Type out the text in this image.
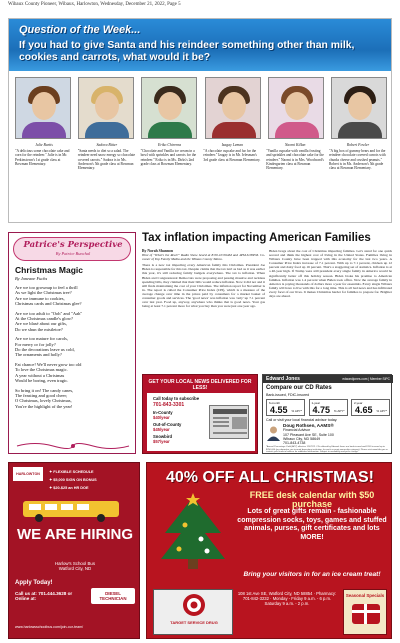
Wibaux County Pioneer, Wibaux, Harlowton, Wednesday, December 21, 2022, Page 5
Question of the Week...
If you had to give Santa and his reindeer something other than milk, cookies and carrots, what would it be?
Julie Bartis
"A delicious some chocolate cake and corn for the reindeer." Julie is in Mr. Perkinstown's 1st grade class at Bowman Elementary.
Sadora Bitter
"Santa needs to diet so a salad. The reindeer need snow energy so chocolate covered carrots." Sadora is in Ms. Anderson's 5th grade class at Bowman Elementary.
Eriko Chirrena
"Chocolate and Vanilla ice cream in a bowl with sprinkles and carrots for the reindeer." Eriko is in Ms. Dirks's 2nd grade class at Bowman Elementary.
Izagay Leman
"A chocolate cupcake and fur for the reindeer." Izagay is in Mr. Ivlesman's 3rd grade class at Bowman Elementary.
Naomi Killan
"Vanilla cupcake with vanilla frosting and sprinkles and chocolate cake for the reindeer." Naomi is in Mrs. Woodward's Kindergarten class at Bowman Elementary.
Robert Fowler
"A big box of gummy bears and for the reindeer chocolate covered carrots with chunks cheese and crushed peanuts." Robert is in Ms. Anderson's 5th grade class at Bowman Elementary.
Patrice's Perspective
By Patrice Bunchal
Christmas Magic
By Janeane Fuchs

Are we too grownup to feel a thrill
As we light the Christmas tree?
Are we immune to cookies,
Christmas cards and Christmas glee?

Are we too adult to "Ooh" and "Aah"
At the Christmas candle's glow?
Are we blasé about our gifts,
Do we shun the mistletoe?

Are we too mature for carols,
For merry or for jolly?
Do the decorations leave us cold,
The ornaments and holly?

Fat chance! We'll never grow too old
To love the Christmas magic.
A year without a Christmas
Would be boring, even tragic.

So bring it on! The candy canes,
The feasting and good cheer;
O Christmas, lovely Christmas,
You're the highlight of the year!

Tax inflation impacting American Families
By Norah Shannon
Host of "What's the Real?" Radio Show heard at 8:00-10:00AM and 4PM-6:00PM. Co-owner of Top Family Media and the Wibaux County Tattoo.
There is a new tax impacting every American family this Christmas. President Joe Biden is responsible for this tax. Despite claims that the tax isn't as bad as it was earlier this year, it's still reducing family budgets everywhere. The tax is inflation. When Biden and Congressional Democrats were proposing and passing massive and reckless spending bills, they claimed that their bills would reduce inflation. Now it did not and it still finds maintaining the cost of your Christmas. The inflation report for November is in. The report is called the Consumer Price Index (CPI), which is a measure of the average change over time in the prices paid by consumers for a market basket of consumer goods and services. The 'good news' was inflation was 'only' up 7.1 percent over last year. Food up, anyway, anywhere who thinks that is good news. Your gas being at least 7.1 percent more for what you buy than you were just one year ago.
Biden brags about the cost of Christmas impacting families. Let's stand for one quick second and think the highest cost of living in the United States. Families living in Wibaux County have been trapped with this economy for the last two years. A Consumer Price Index increase of 7.1 percent. With up to 7.1 percent, chicken up 12 percent and dairy food up 16 percent. That's a staggering set of statistics. Inflation is at a 40-year high. If Trump were still president every single family in America would be significantly better off this holiday season. Biden broke his promise to American families. Inflation was 1.4 percent when Biden took office. Now the average family in America is paying thousands of dollars more a year for essentials. Every single Wibaux family will have to live with this for a long time. This is all bad news and has infiltrated every facet of our lives. It makes Christmas harder for families to prepare for. Brighter days are ahead.
GET YOUR LOCAL NEWS DELIVERED FOR LESS!
Call today to subscribe
701-843-3301
In-County
$40/year
Out-of-County
$45/year
Snowbird
$57/year
Edward Jones	edwardjones.com | Member SIPC
Compare our CD Rates
Bank-issued, FDIC-insured
6-month
4.55 % APY*
1-year
4.75 % APY*
2-year
4.65 % APY*
Call or visit your local financial advisor today.
Doug Rothsen, AAMS®
Financial Advisor
107 Pleasant Ave SE, Suite 100
Wibaux City, ND 58649
701-843-4738
*Annual Percentage Yield (APY) effective 12/07/22. CDs offered by Edward Jones are bank-issued and FDIC-insured up to $250,000 (per depositor, per insured depository institution, for each account ownership category). Please visit www.fdic.gov or contact your financial advisor for additional information. Subject to availability and price change.
HARLOWTON SCHOOLS
✦ FLEXIBLE SCHEDULE
✦ $5,000 SIGN ON BONUS
✦ $20-$25 an HR DOE
WE ARE HIRING
Harlow's School Bus
Watford City, ND
Apply Today!
Call us at: 701.444.3628 or Online at:
DIESEL TECHNICIAN
www.harlowsschoolbus.com/join-our-team/
40% OFF ALL CHRISTMAS!
FREE desk calendar with $50 purchase
Lots of great gifts remain - fashionable compression socks, toys, games and stuffed animals, purses, gift certificates and lots MORE!
Bring your visitors in for an ice cream treat!
TARGET SERVICE DRUG
108 1st Ave SE, Watford City, ND 58854 · Pharmacy: 701-842-3232 · Monday - Friday 9 a.m. - 6 p.m. Saturday 9 a.m. - 2 p.m.
Seasonal Specials
